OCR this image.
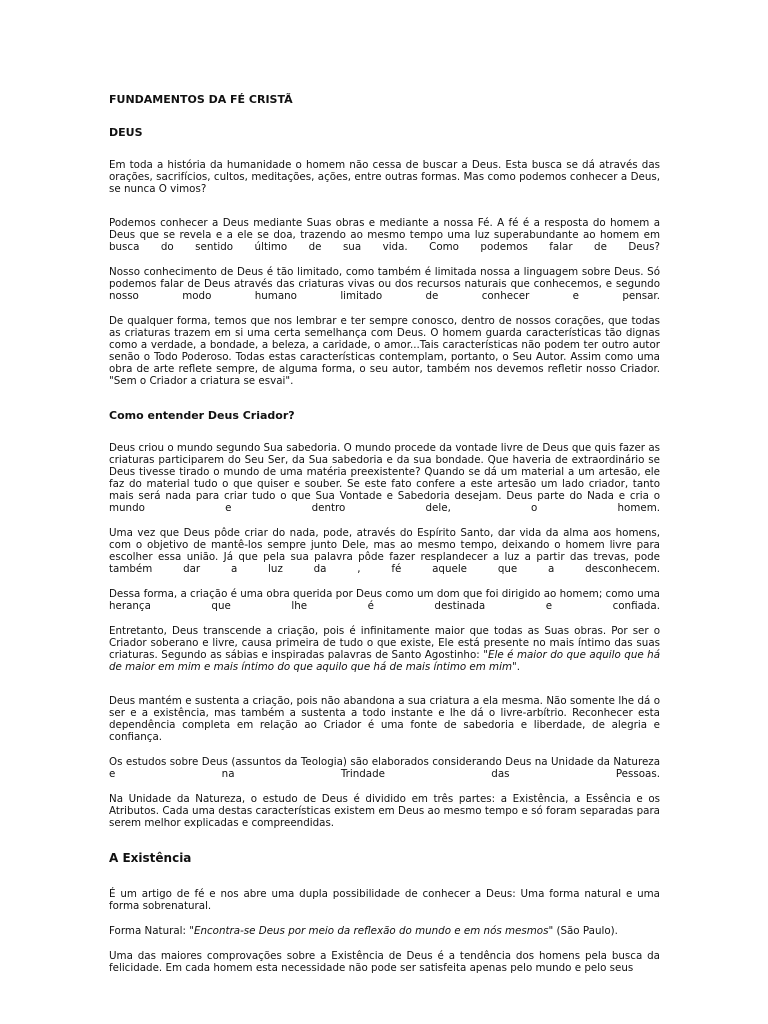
FUNDAMENTOS DA FÉ CRISTÃ
DEUS

Em toda a história da humanidade o homem não cessa de buscar a Deus. Esta busca se dá através das orações, sacrifícios, cultos, meditações, ações, entre outras formas. Mas como podemos conhecer a Deus, se nunca O vimos?

Podemos conhecer a Deus mediante Suas obras e mediante a nossa Fé. A fé é a resposta do homem a Deus que se revela e a ele se doa, trazendo ao mesmo tempo uma luz superabundante ao homem em busca do sentido último de sua vida. Como podemos falar de Deus?

Nosso conhecimento de Deus é tão limitado, como também é limitada nossa a linguagem sobre Deus. Só podemos falar de Deus através das criaturas vivas ou dos recursos naturais que conhecemos, e segundo nosso modo humano limitado de conhecer e pensar.

De qualquer forma, temos que nos lembrar e ter sempre conosco, dentro de nossos corações, que todas as criaturas trazem em si uma certa semelhança com Deus. O homem guarda características tão dignas como a verdade, a bondade, a beleza, a caridade, o amor...Tais características não podem ter outro autor senão o Todo Poderoso. Todas estas características contemplam, portanto, o Seu Autor. Assim como uma obra de arte reflete sempre, de alguma forma, o seu autor, também nos devemos refletir nosso Criador. "Sem o Criador a criatura se esvai".

Como entender Deus Criador?

Deus criou o mundo segundo Sua sabedoria. O mundo procede da vontade livre de Deus que quis fazer as criaturas participarem do Seu Ser, da Sua sabedoria e da sua bondade. Que haveria de extraordinário se Deus tivesse tirado o mundo de uma matéria preexistente? Quando se dá um material a um artesão, ele faz do material tudo o que quiser e souber. Se este fato confere a este artesão um lado criador, tanto mais será nada para criar tudo o que Sua Vontade e Sabedoria desejam. Deus parte do Nada e cria o mundo e dentro dele, o homem.

Uma vez que Deus pôde criar do nada, pode, através do Espírito Santo, dar vida da alma aos homens, com o objetivo de mantê-los sempre junto Dele, mas ao mesmo tempo, deixando o homem livre para escolher essa união. Já que pela sua palavra pôde fazer resplandecer a luz a partir das trevas, pode também dar a luz da , fé aquele que a desconhecem.

Dessa forma, a criação é uma obra querida por Deus como um dom que foi dirigido ao homem; como uma herança que lhe é destinada e confiada.

Entretanto, Deus transcende a criação, pois é infinitamente maior que todas as Suas obras. Por ser o Criador soberano e livre, causa primeira de tudo o que existe, Ele está presente no mais íntimo das suas criaturas. Segundo as sábias e inspiradas palavras de Santo Agostinho: "Ele é maior do que aquilo que há de maior em mim e mais íntimo do que aquilo que há de mais íntimo em mim".

Deus mantém e sustenta a criação, pois não abandona a sua criatura a ela mesma. Não somente lhe dá o ser e a existência, mas também a sustenta a todo instante e lhe dá o livre-arbítrio. Reconhecer esta dependência completa em relação ao Criador é uma fonte de sabedoria e liberdade, de alegria e confiança.

Os estudos sobre Deus (assuntos da Teologia) são elaborados considerando Deus na Unidade da Natureza e na Trindade das Pessoas.

Na Unidade da Natureza, o estudo de Deus é dividido em três partes: a Existência, a Essência e os Atributos. Cada uma destas características existem em Deus ao mesmo tempo e só foram separadas para serem melhor explicadas e compreendidas.

A Existência

É um artigo de fé e nos abre uma dupla possibilidade de conhecer a Deus: Uma forma natural e uma forma sobrenatural.

Forma Natural: "Encontra-se Deus por meio da reflexão do mundo e em nós mesmos" (São Paulo).

Uma das maiores comprovações sobre a Existência de Deus é a tendência dos homens pela busca da felicidade. Em cada homem esta necessidade não pode ser satisfeita apenas pelo mundo e pelo seus
